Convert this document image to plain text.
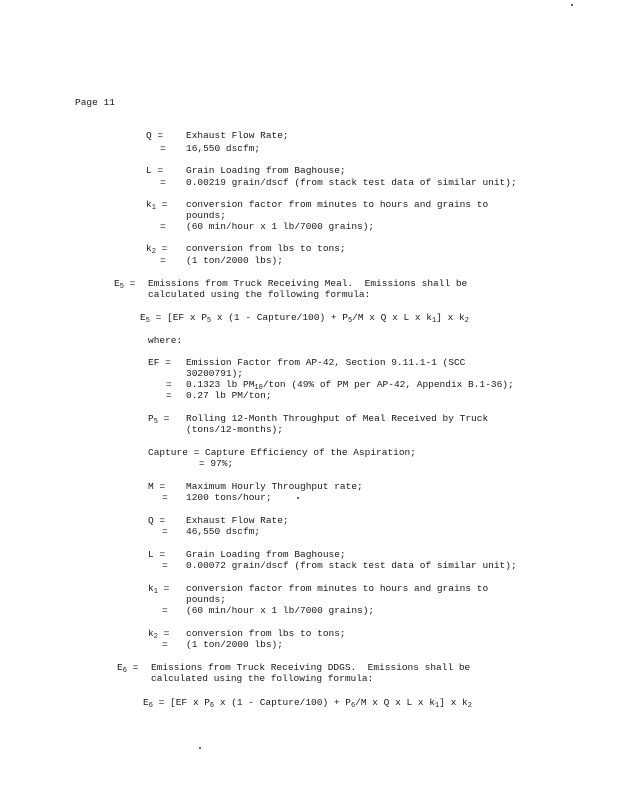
Page 11
Q = Exhaust Flow Rate;
= 16,550 dscfm;
L = Grain Loading from Baghouse;
= 0.00219 grain/dscf (from stack test data of similar unit);
$k_1$ = conversion factor from minutes to hours and grains to
pounds;
= (60 min/hour x 1 lb/7000 grains);
$k_2$ = conversion from lbs to tons;
= (1 ton/2000 lbs);
$E_5$ = Emissions from Truck Receiving Meal.  Emissions shall be
calculated using the following formula:
$E_5 = [EF$ x $P_5$ x (1 - Capture/100) + $P_5/M$ x Q x L x $k_1$] x $k_2$
where:
EF = Emission Factor from AP-42, Section 9.11.1-1 (SCC
30200791);
= 0.1323 lb $PM_{10}$/ton (49% of PM per AP-42, Appendix B.1-36);
= 0.27 lb PM/ton;
$P_5$ = Rolling 12-Month Throughput of Meal Received by Truck
(tons/12-months);
Capture = Capture Efficiency of the Aspiration;
= 97%;
M = Maximum Hourly Throughput rate;
= 1200 tons/hour;
Q = Exhaust Flow Rate;
= 46,550 dscfm;
L = Grain Loading from Baghouse;
= 0.00072 grain/dscf (from stack test data of similar unit);
$k_1$ = conversion factor from minutes to hours and grains to
pounds;
= (60 min/hour x 1 lb/7000 grains);
$k_2$ = conversion from lbs to tons;
= (1 ton/2000 lbs);
$E_6$ = Emissions from Truck Receiving DDGS.  Emissions shall be
calculated using the following formula:
$E_6 = [EF$ x $P_6$ x (1 - Capture/100) + $P_6/M$ x Q x L x $k_1$] x $k_2$
